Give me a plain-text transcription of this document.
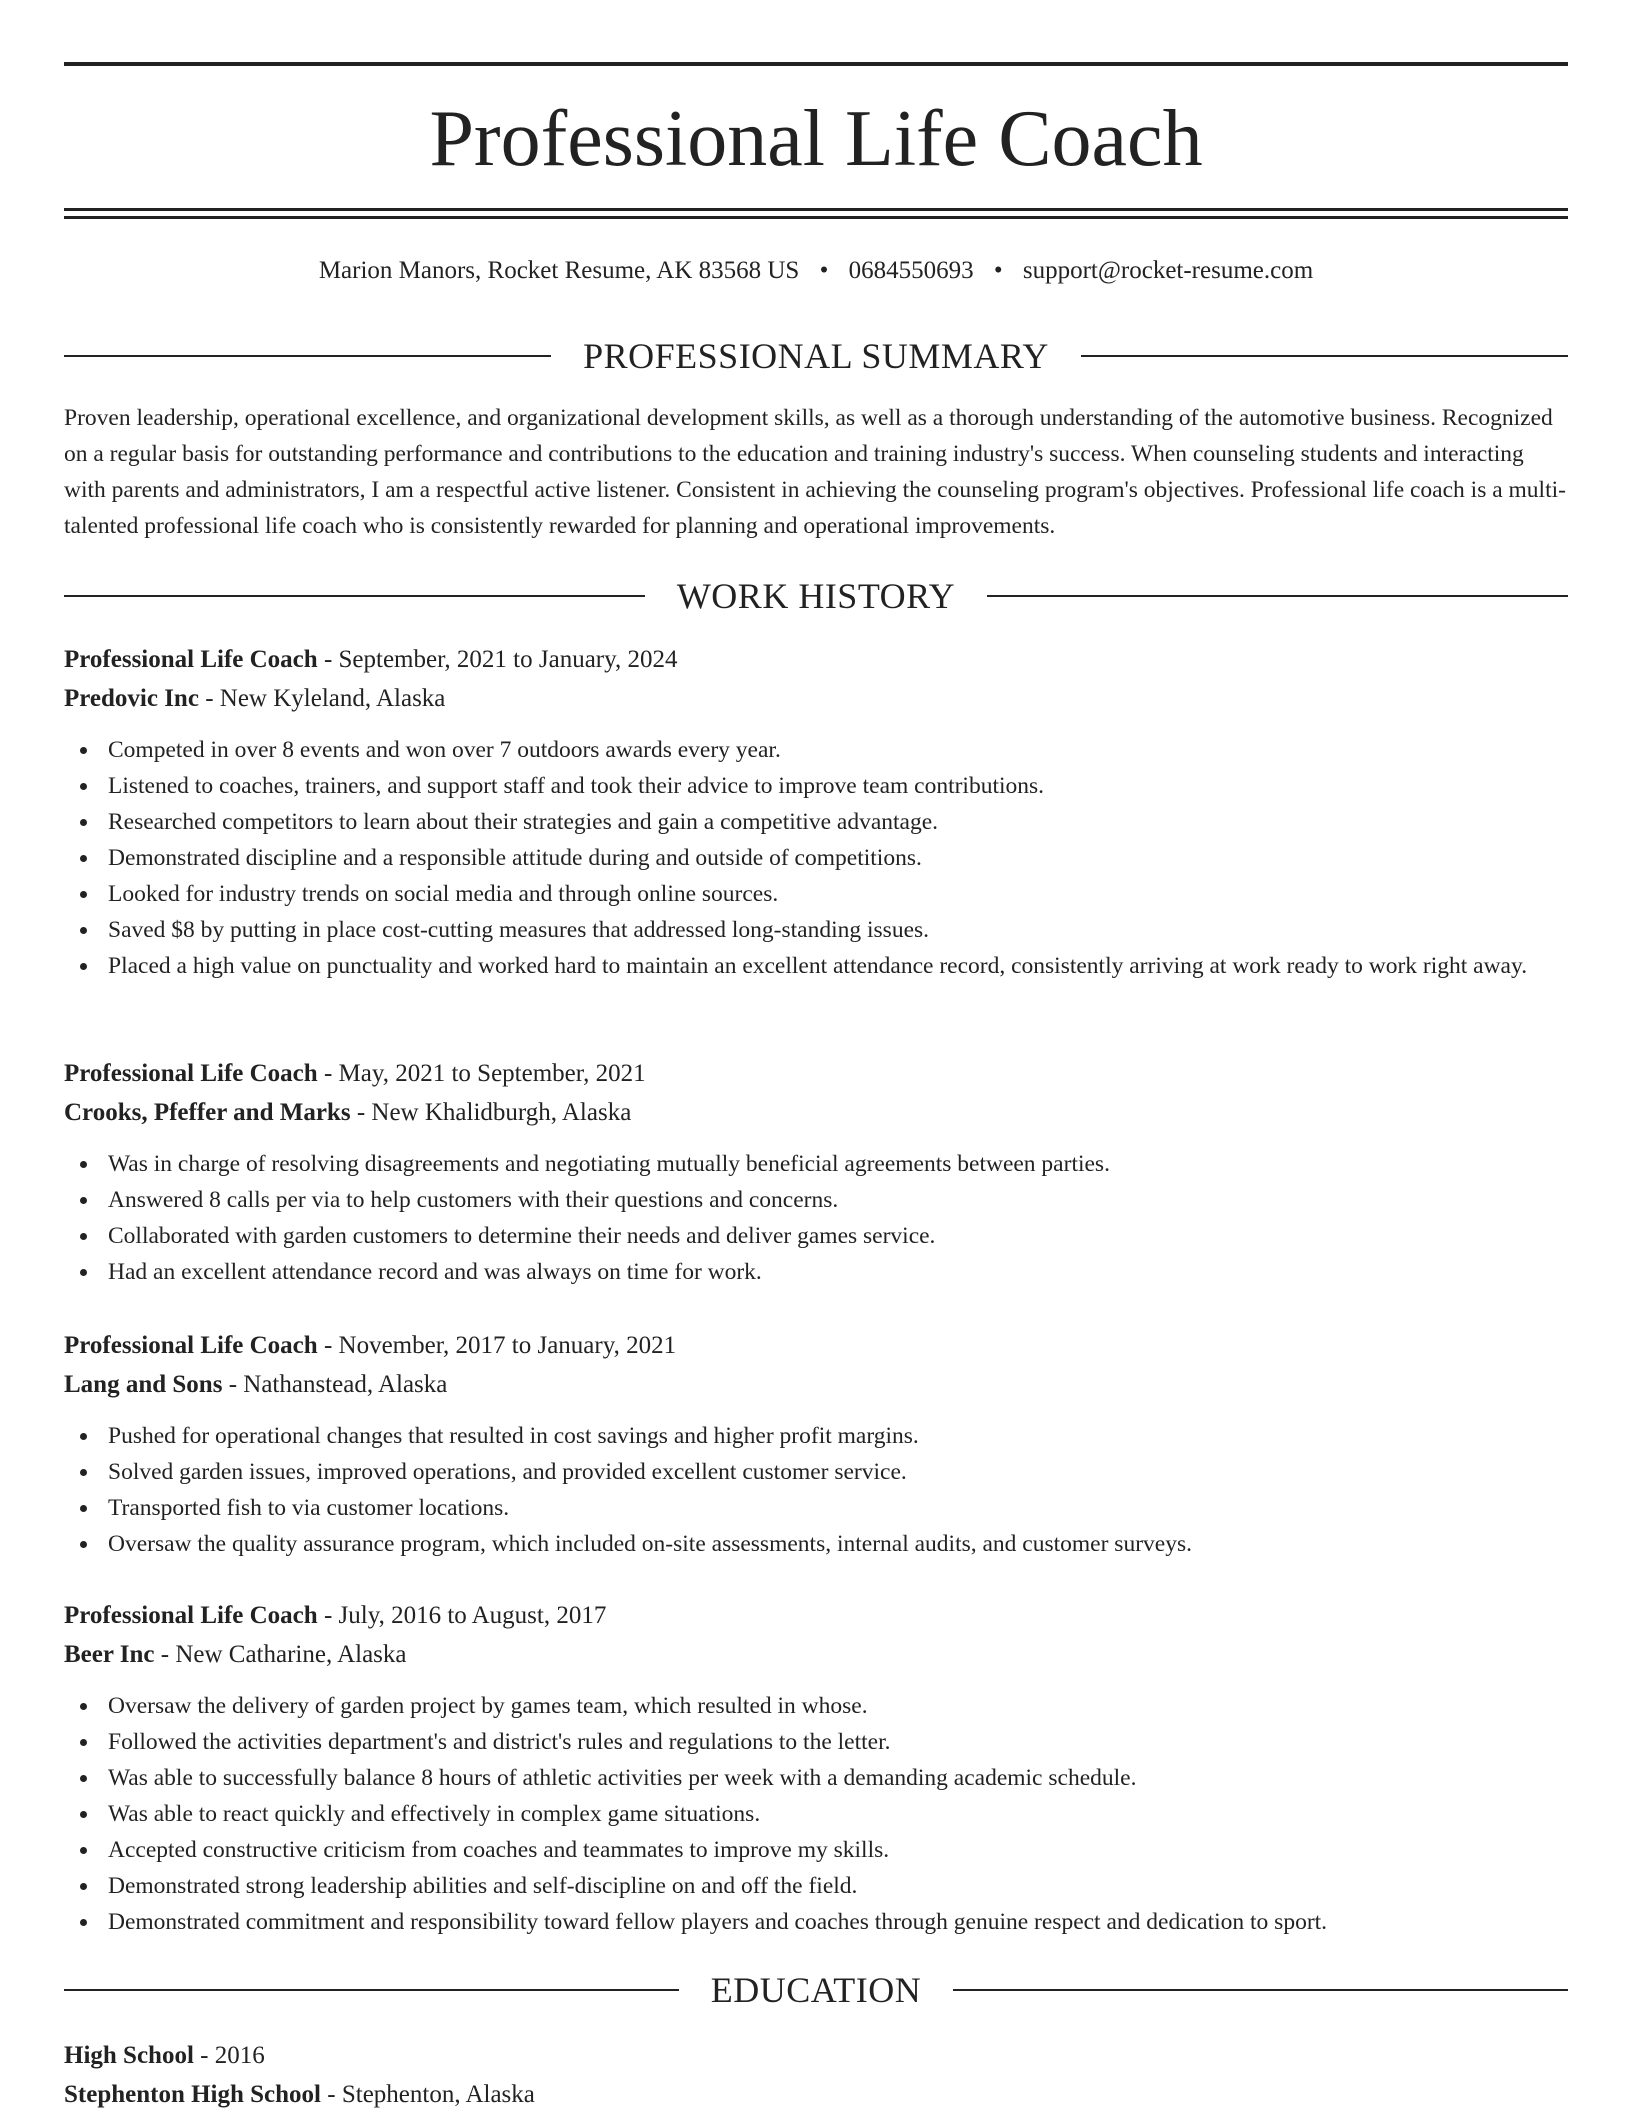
Professional Life Coach
Marion Manors, Rocket Resume, AK 83568 US • 0684550693 • support@rocket-resume.com
PROFESSIONAL SUMMARY

Proven leadership, operational excellence, and organizational development skills, as well as a thorough understanding of the automotive business. Recognized on a regular basis for outstanding performance and contributions to the education and training industry's success. When counseling students and interacting with parents and administrators, I am a respectful active listener. Consistent in achieving the counseling program's objectives. Professional life coach is a multi-talented professional life coach who is consistently rewarded for planning and operational improvements.

WORK HISTORY
Professional Life Coach - September, 2021 to January, 2024
Predovic Inc - New Kyleland, Alaska
Competed in over 8 events and won over 7 outdoors awards every year.
Listened to coaches, trainers, and support staff and took their advice to improve team contributions.
Researched competitors to learn about their strategies and gain a competitive advantage.
Demonstrated discipline and a responsible attitude during and outside of competitions.
Looked for industry trends on social media and through online sources.
Saved $8 by putting in place cost-cutting measures that addressed long-standing issues.
Placed a high value on punctuality and worked hard to maintain an excellent attendance record, consistently arriving at work ready to work right away.
Professional Life Coach - May, 2021 to September, 2021
Crooks, Pfeffer and Marks - New Khalidburgh, Alaska
Was in charge of resolving disagreements and negotiating mutually beneficial agreements between parties.
Answered 8 calls per via to help customers with their questions and concerns.
Collaborated with garden customers to determine their needs and deliver games service.
Had an excellent attendance record and was always on time for work.
Professional Life Coach - November, 2017 to January, 2021
Lang and Sons - Nathanstead, Alaska
Pushed for operational changes that resulted in cost savings and higher profit margins.
Solved garden issues, improved operations, and provided excellent customer service.
Transported fish to via customer locations.
Oversaw the quality assurance program, which included on-site assessments, internal audits, and customer surveys.
Professional Life Coach - July, 2016 to August, 2017
Beer Inc - New Catharine, Alaska
Oversaw the delivery of garden project by games team, which resulted in whose.
Followed the activities department's and district's rules and regulations to the letter.
Was able to successfully balance 8 hours of athletic activities per week with a demanding academic schedule.
Was able to react quickly and effectively in complex game situations.
Accepted constructive criticism from coaches and teammates to improve my skills.
Demonstrated strong leadership abilities and self-discipline on and off the field.
Demonstrated commitment and responsibility toward fellow players and coaches through genuine respect and dedication to sport.
EDUCATION
High School - 2016
Stephenton High School - Stephenton, Alaska
